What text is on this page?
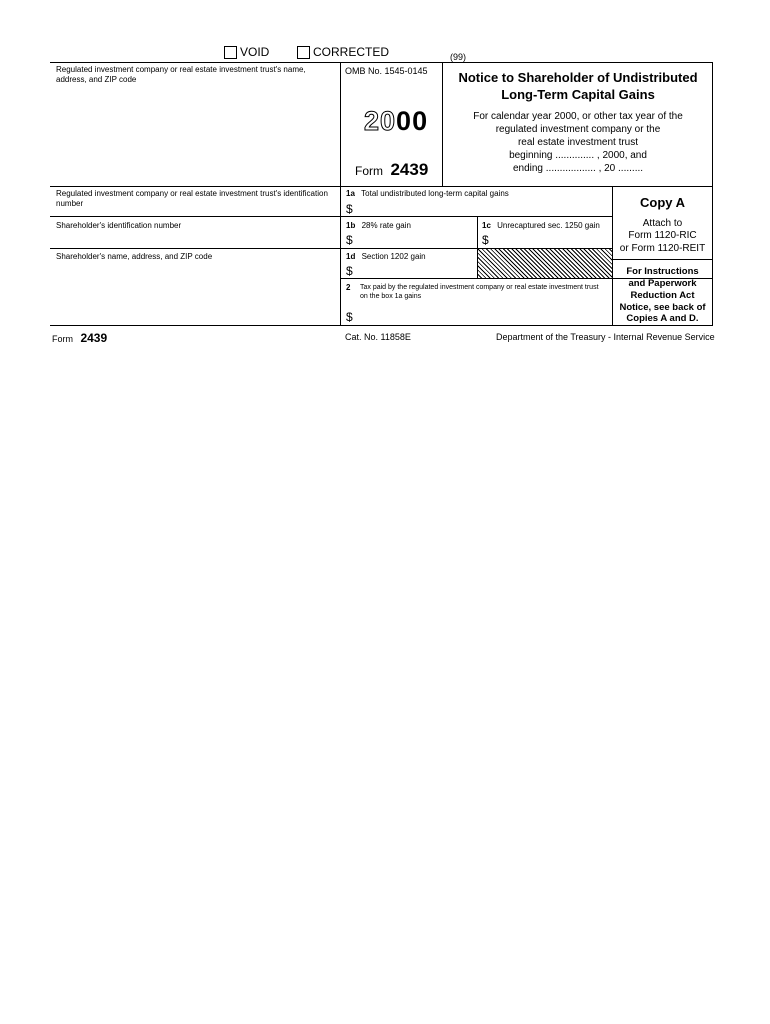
VOID	CORRECTED	(99)
Regulated investment company or real estate investment trust's name, address, and ZIP code
Regulated investment company or real estate investment trust's identification number
Shareholder's identification number
Shareholder's name, address, and ZIP code
OMB No. 1545-0145
2000
Form 2439
Notice to Shareholder of Undistributed
Long-Term Capital Gains
For calendar year 2000, or other tax year of the
regulated investment company or the
real estate investment trust
beginning .............. , 2000, and
ending .................. , 20 .........
1a Total undistributed long-term capital gains
$
1b 28% rate gain
$
1c Unrecaptured sec. 1250 gain
$
1d Section 1202 gain
$
2 Tax paid by the regulated investment company or real estate investment trust on the box 1a gains
$
Copy A
Attach to
Form 1120-RIC
or Form 1120-REIT
For Instructions
and Paperwork
Reduction Act
Notice, see back of
Copies A and D.
Form 2439	Cat. No. 11858E	Department of the Treasury - Internal Revenue Service
